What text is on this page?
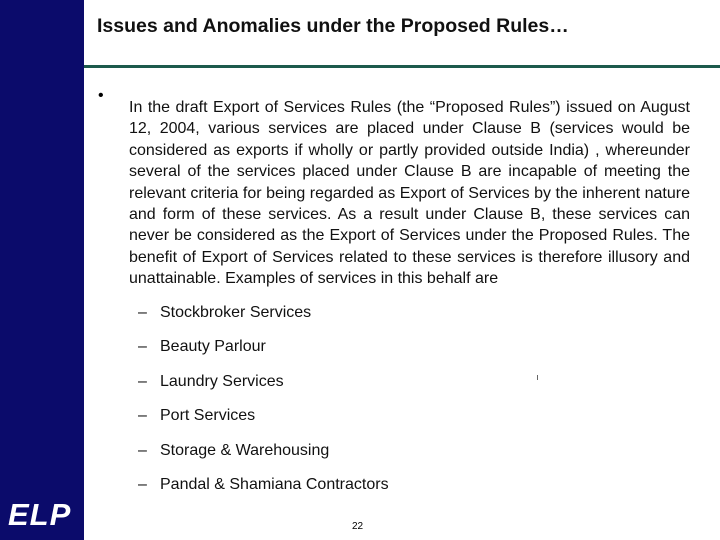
ELP
Issues and Anomalies under the Proposed Rules…
•
In the draft Export of Services Rules (the “Proposed Rules”) issued on August 12, 2004, various services are placed under Clause B (services would be considered as exports if wholly or partly provided outside India) , whereunder several of the services placed under Clause B are incapable of meeting the relevant criteria for being regarded as Export of Services by the inherent nature and form of these services. As a result under Clause B, these services can never be considered as the Export of Services under the Proposed Rules. The benefit of Export of Services related to these services is therefore illusory and unattainable. Examples of services in this behalf are
– Stockbroker Services
– Beauty Parlour
– Laundry Services
– Port Services
– Storage & Warehousing
– Pandal & Shamiana Contractors
22
